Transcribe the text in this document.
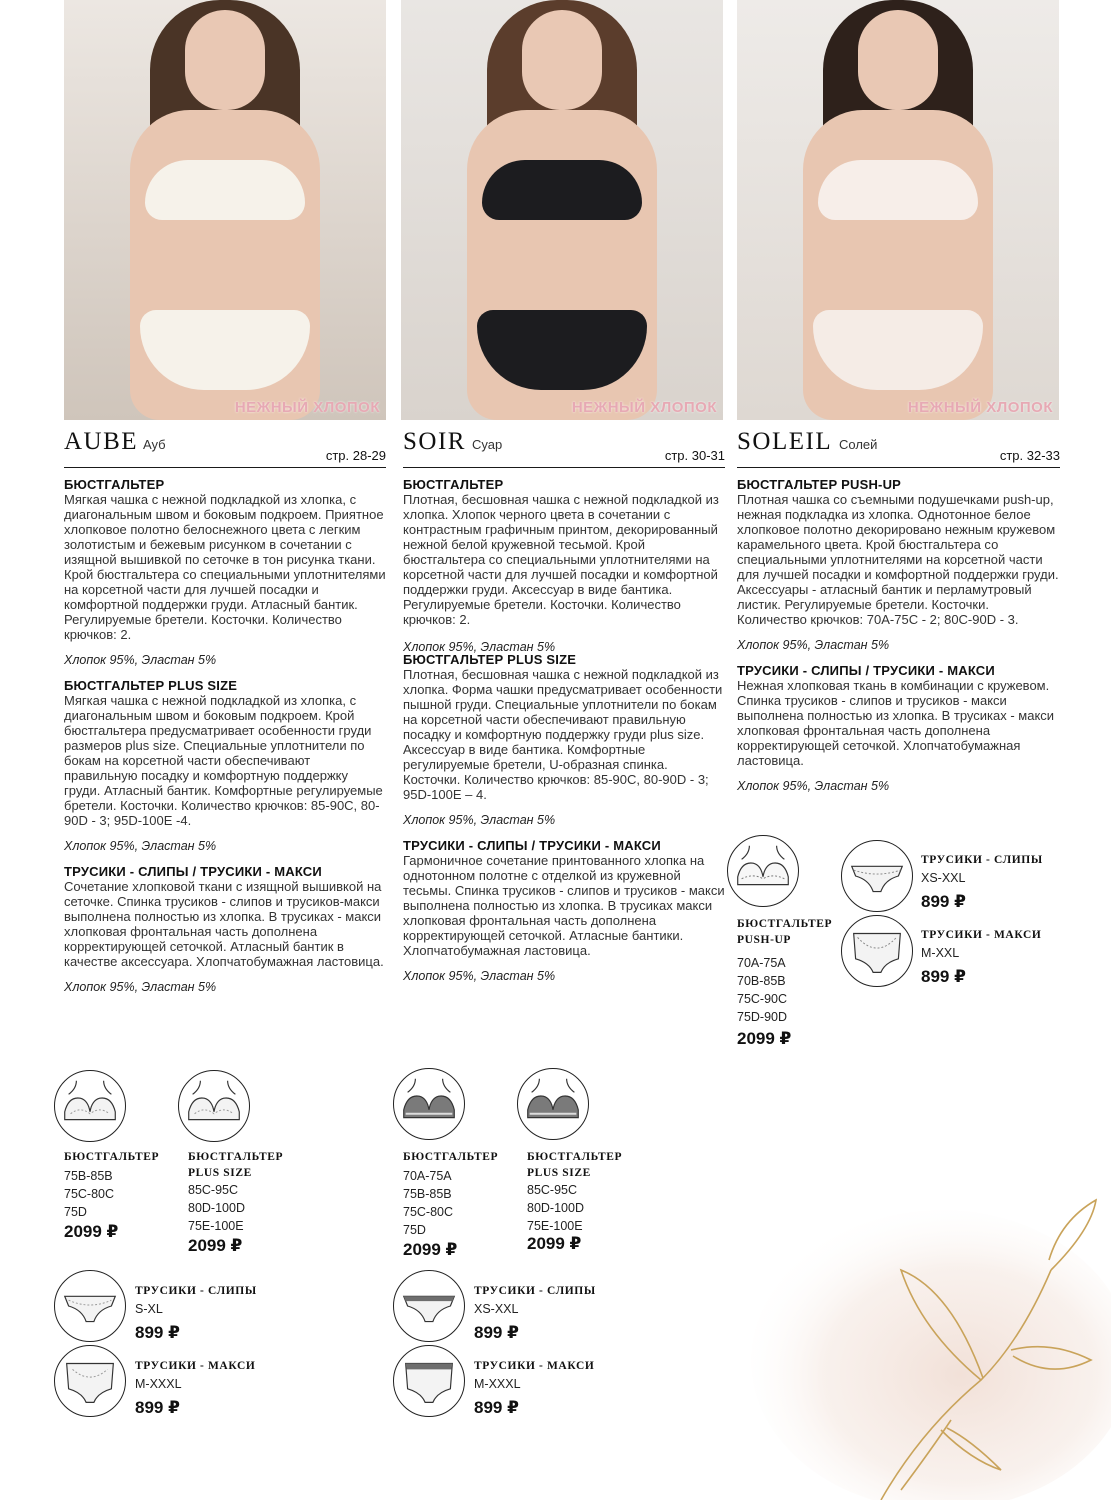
НЕЖНЫЙ ХЛОПОК	НЕЖНЫЙ ХЛОПОК	НЕЖНЫЙ ХЛОПОК
AUBE Ауб
стр. 28-29
БЮСТГАЛЬТЕР
Мягкая чашка с нежной подкладкой из хлопка, с диагональным швом и боковым подкроем. Приятное хлопковое полотно белоснежного цвета с легким золотистым и бежевым рисунком в сочетании с изящной вышивкой по сеточке в тон рисунка ткани. Крой бюстгальтера со специальными уплотнителями на корсетной части для лучшей посадки и комфортной поддержки груди. Атласный бантик. Регулируемые бретели. Косточки. Количество крючков: 2.
Хлопок 95%, Эластан 5%
БЮСТГАЛЬТЕР PLUS SIZE
Мягкая чашка с нежной подкладкой из хлопка, с диагональным швом и боковым подкроем. Крой бюстгальтера предусматривает особенности груди размеров plus size. Специальные уплотнители по бокам на корсетной части обеспечивают правильную посадку и комфортную поддержку груди. Атласный бантик. Комфортные регулируемые бретели. Косточки. Количество крючков: 85-90C, 80-90D - 3; 95D-100E -4.
Хлопок 95%, Эластан 5%
ТРУСИКИ - СЛИПЫ / ТРУСИКИ - МАКСИ
Сочетание хлопковой ткани с изящной вышивкой на сеточке. Спинка трусиков - слипов и трусиков-макси выполнена полностью из хлопка. В трусиках - макси хлопковая фронтальная часть дополнена корректирующей сеточкой. Атласный бантик в качестве аксессуара. Хлопчатобумажная ластовица.
Хлопок 95%, Эластан 5%
SOIR Суар
стр. 30-31
БЮСТГАЛЬТЕР
Плотная, бесшовная чашка с нежной подкладкой из хлопка. Хлопок черного цвета в сочетании с контрастным графичным принтом, декорированный нежной белой кружевной тесьмой. Крой бюстгальтера со специальными уплотнителями на корсетной части для лучшей посадки и комфортной поддержки груди. Аксессуар в виде бантика. Регулируемые бретели. Косточки. Количество крючков: 2.
БЮСТГАЛЬТЕР PLUS SIZE
Плотная, бесшовная чашка с нежной подкладкой из хлопка. Форма чашки предусматривает особенности пышной груди. Специальные уплотнители по бокам на корсетной части обеспечивают правильную посадку и комфортную поддержку груди plus size. Аксессуар в виде бантика. Комфортные регулируемые бретели, U-образная спинка. Косточки. Количество крючков: 85-90C, 80-90D - 3; 95D-100E – 4.
Хлопок 95%, Эластан 5%
ТРУСИКИ - СЛИПЫ / ТРУСИКИ - МАКСИ
Гармоничное сочетание принтованного хлопка на однотонном полотне с отделкой из кружевной тесьмы. Спинка трусиков - слипов и трусиков - макси выполнена полностью из хлопка. В трусиках макси хлопковая фронтальная часть дополнена корректирующей сеточкой. Атласные бантики. Хлопчатобумажная ластовица.
Хлопок 95%, Эластан 5%
SOLEIL Солей
стр. 32-33
БЮСТГАЛЬТЕР PUSH-UP
Плотная чашка со съемными подушечками push-up, нежная подкладка из хлопка. Однотонное белое хлопковое полотно декорировано нежным кружевом карамельного цвета. Крой бюстгальтера со специальными уплотнителями на корсетной части для лучшей посадки и комфортной поддержки груди. Аксессуары - атласный бантик и перламутровый листик. Регулируемые бретели. Косточки. Количество крючков: 70A-75C - 2; 80C-90D - 3.
Хлопок 95%, Эластан 5%
ТРУСИКИ - СЛИПЫ / ТРУСИКИ - МАКСИ
Нежная хлопковая ткань в комбинации с кружевом. Спинка трусиков - слипов и трусиков - макси выполнена полностью из хлопка. В трусиках - макси хлопковая фронтальная часть дополнена корректирующей сеточкой. Хлопчатобумажная ластовица.
Хлопок 95%, Эластан 5%
Хлопок 95%, Эластан 5%
БЮСТГАЛЬТЕР
75B-85B
75C-80C
75D
2099 ₽
БЮСТГАЛЬТЕР
PLUS SIZE
85C-95C
80D-100D
75E-100E
2099 ₽
ТРУСИКИ - СЛИПЫ
S-XL
899 ₽
ТРУСИКИ - МАКСИ
M-XXXL
899 ₽
БЮСТГАЛЬТЕР
70A-75A
75B-85B
75C-80C
75D
2099 ₽
БЮСТГАЛЬТЕР
PLUS SIZE
85C-95C
80D-100D
75E-100E
2099 ₽
ТРУСИКИ - СЛИПЫ
XS-XXL
899 ₽
ТРУСИКИ - МАКСИ
M-XXXL
899 ₽
БЮСТГАЛЬТЕР
PUSH-UP
70A-75A
70B-85B
75C-90C
75D-90D
2099 ₽
ТРУСИКИ - СЛИПЫ
XS-XXL
899 ₽
ТРУСИКИ - МАКСИ
M-XXL
899 ₽
